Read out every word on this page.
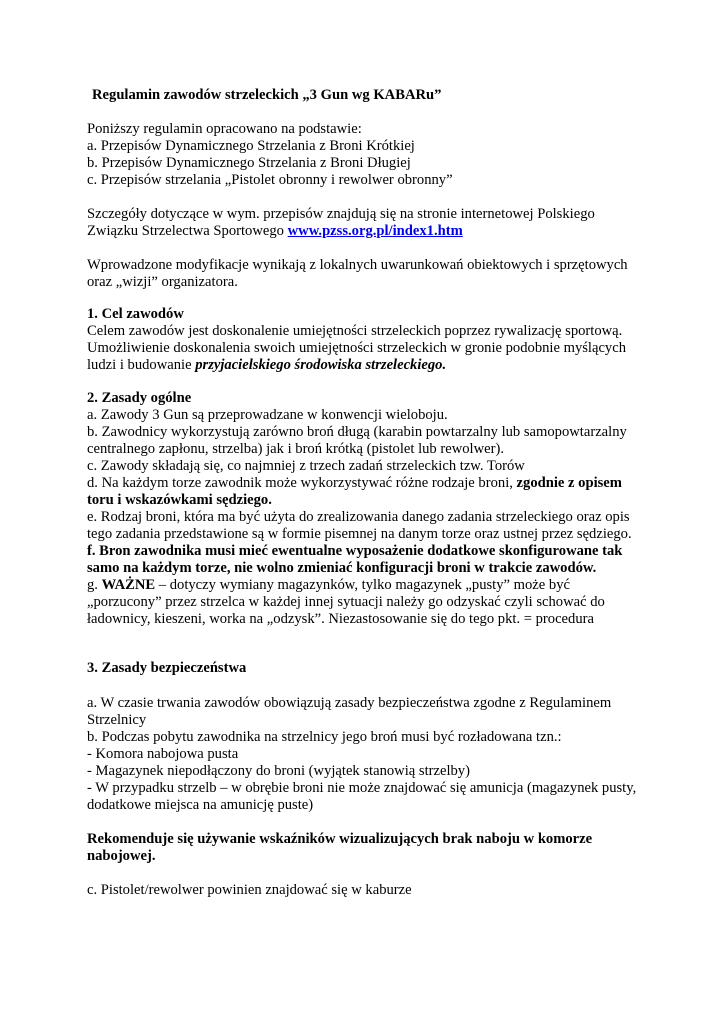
Regulamin zawodów strzeleckich „3 Gun wg KABARu”

Poniższy regulamin opracowano na podstawie:

a. Przepisów Dynamicznego Strzelania z Broni Krótkiej

b. Przepisów Dynamicznego Strzelania z Broni Długiej

c. Przepisów strzelania „Pistolet obronny i rewolwer obronny”

Szczegóły dotyczące w wym. przepisów znajdują się na stronie internetowej Polskiego Związku Strzelectwa Sportowego www.pzss.org.pl/index1.htm

Wprowadzone modyfikacje wynikają z lokalnych uwarunkowań obiektowych i sprzętowych oraz „wizji” organizatora.

1. Cel zawodów

Celem zawodów jest doskonalenie umiejętności strzeleckich poprzez rywalizację sportową. Umożliwienie doskonalenia swoich umiejętności strzeleckich w gronie podobnie myślących ludzi i budowanie przyjacielskiego środowiska strzeleckiego.

2. Zasady ogólne

a. Zawody 3 Gun są przeprowadzane w konwencji wieloboju.

b. Zawodnicy wykorzystują zarówno broń długą (karabin powtarzalny lub samopowtarzalny centralnego zapłonu, strzelba) jak i broń krótką (pistolet lub rewolwer).

c. Zawody składają się, co najmniej z trzech zadań strzeleckich tzw. Torów

d. Na każdym torze zawodnik może wykorzystywać różne rodzaje broni, zgodnie z opisem toru i wskazówkami sędziego.

e. Rodzaj broni, która ma być użyta do zrealizowania danego zadania strzeleckiego oraz opis tego zadania przedstawione są w formie pisemnej na danym torze oraz ustnej przez sędziego.

f. Bron zawodnika musi mieć ewentualne wyposażenie dodatkowe skonfigurowane tak samo na każdym torze, nie wolno zmieniać konfiguracji broni w trakcie zawodów.

g. WAŻNE – dotyczy wymiany magazynków, tylko magazynek „pusty” może być „porzucony” przez strzelca w każdej innej sytuacji należy go odzyskać czyli schować do ładownicy, kieszeni, worka na „odzysk”. Niezastosowanie się do tego pkt. = procedura

3. Zasady bezpieczeństwa

a. W czasie trwania zawodów obowiązują zasady bezpieczeństwa zgodne z Regulaminem Strzelnicy

b. Podczas pobytu zawodnika na strzelnicy jego broń musi być rozładowana tzn.:

- Komora nabojowa pusta

- Magazynek niepodłączony do broni (wyjątek stanowią strzelby)

- W przypadku strzelb – w obrębie broni nie może znajdować się amunicja (magazynek pusty, dodatkowe miejsca na amunicję puste)

Rekomenduje się używanie wskaźników wizualizujących brak naboju w komorze nabojowej.

c. Pistolet/rewolwer powinien znajdować się w kaburze
